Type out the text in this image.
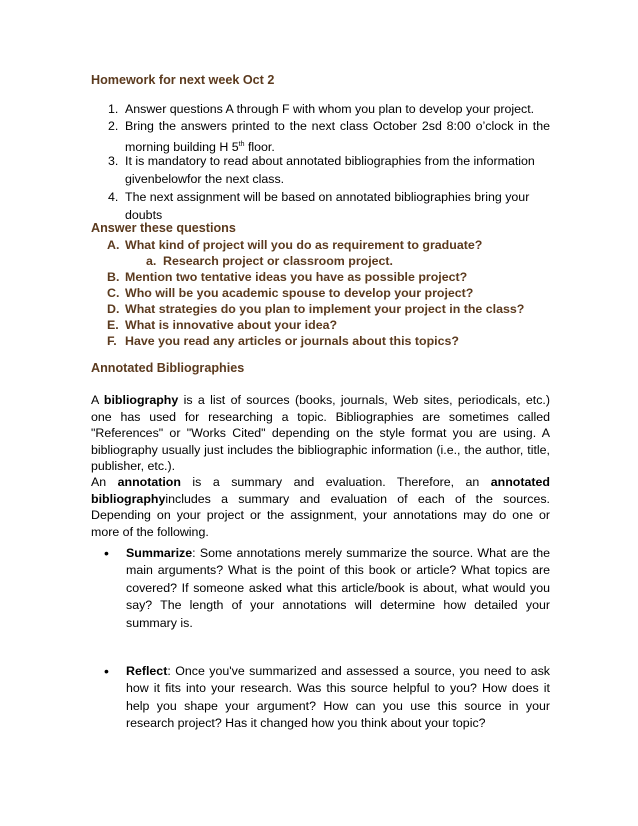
Homework for next week Oct 2
1. Answer questions A through F with whom you plan to develop your project.
2. Bring the answers printed to the next class October 2sd 8:00 o’clock in the morning building H 5th floor.
3. It is mandatory to read about annotated bibliographies from the information givenbelowfor the next class.
4. The next assignment will be based on annotated bibliographies bring your doubts
Answer these questions
A. What kind of project will you do as requirement to graduate?
a. Research project or classroom project.
B. Mention two tentative ideas you have as possible project?
C. Who will be you academic spouse to develop your project?
D. What strategies do you plan to implement your project in the class?
E. What is innovative about your idea?
F. Have you read any articles or journals about this topics?
Annotated Bibliographies
A bibliography is a list of sources (books, journals, Web sites, periodicals, etc.) one has used for researching a topic. Bibliographies are sometimes called "References" or "Works Cited" depending on the style format you are using. A bibliography usually just includes the bibliographic information (i.e., the author, title, publisher, etc.).
An annotation is a summary and evaluation. Therefore, an annotated bibliographyincludes a summary and evaluation of each of the sources. Depending on your project or the assignment, your annotations may do one or more of the following.
• Summarize: Some annotations merely summarize the source. What are the main arguments? What is the point of this book or article? What topics are covered? If someone asked what this article/book is about, what would you say? The length of your annotations will determine how detailed your summary is.
• Reflect: Once you've summarized and assessed a source, you need to ask how it fits into your research. Was this source helpful to you? How does it help you shape your argument? How can you use this source in your research project? Has it changed how you think about your topic?
